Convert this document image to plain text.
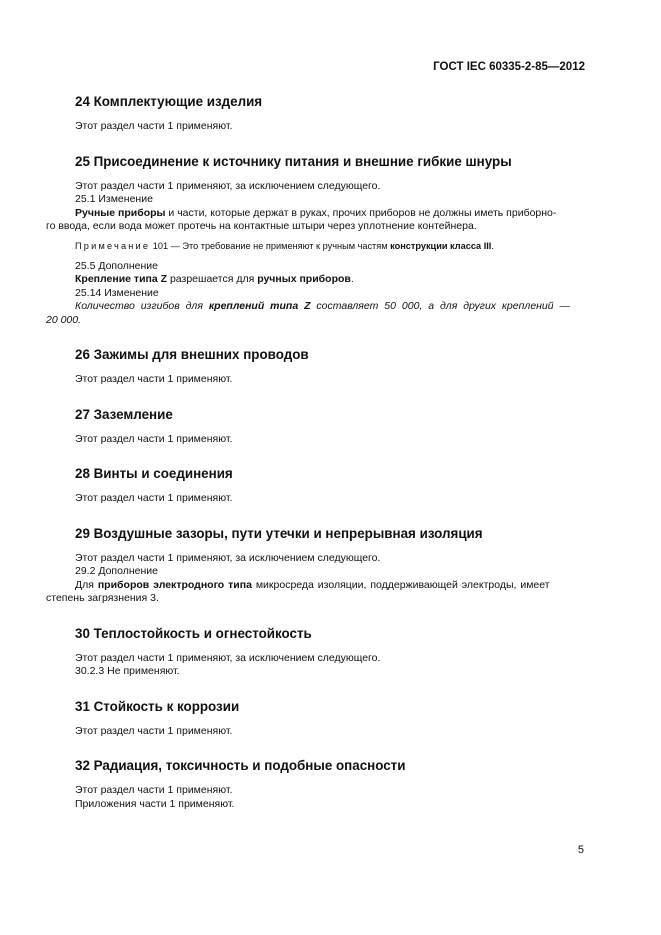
ГОСТ IEC 60335-2-85—2012
24 Комплектующие изделия

Этот раздел части 1 применяют.

25 Присоединение к источнику питания и внешние гибкие шнуры

Этот раздел части 1 применяют, за исключением следующего.

25.1 Изменение

Ручные приборы и части, которые держат в руках, прочих приборов не должны иметь приборно-

го ввода, если вода может протечь на контактные штыри через уплотнение контейнера.

Примечание 101 — Это требование не применяют к ручным частям конструкции класса III.

25.5 Дополнение

Крепление типа Z разрешается для ручных приборов.

25.14 Изменение

Количество изгибов для креплений типа Z составляет 50 000, а для других креплений —

20 000.

26 Зажимы для внешних проводов

Этот раздел части 1 применяют.

27 Заземление

Этот раздел части 1 применяют.

28 Винты и соединения

Этот раздел части 1 применяют.

29 Воздушные зазоры, пути утечки и непрерывная изоляция

Этот раздел части 1 применяют, за исключением следующего.

29.2 Дополнение

Для приборов электродного типа микросреда изоляции, поддерживающей электроды, имеет

степень загрязнения 3.

30 Теплостойкость и огнестойкость

Этот раздел части 1 применяют, за исключением следующего.

30.2.3 Не применяют.

31 Стойкость к коррозии

Этот раздел части 1 применяют.

32 Радиация, токсичность и подобные опасности

Этот раздел части 1 применяют.

Приложения части 1 применяют.

5
